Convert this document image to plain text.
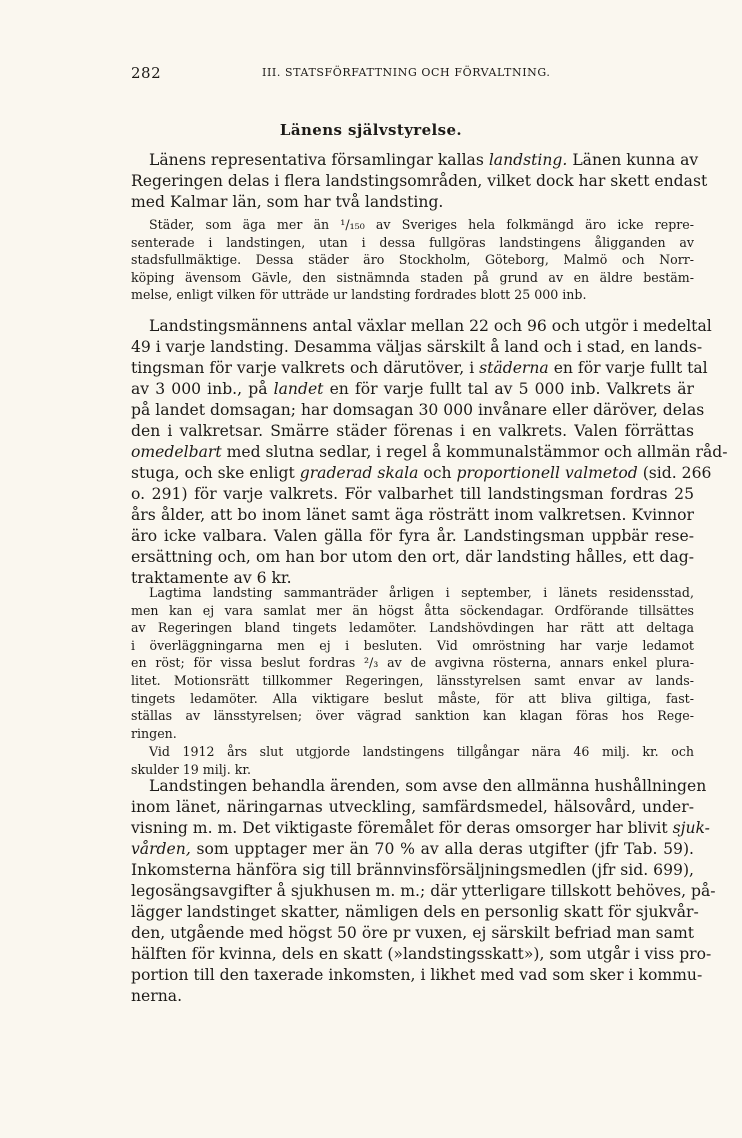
282	III. STATSFÖRFATTNING OCH FÖRVALTNING.
Länens självstyrelse.
Länens representativa församlingar kallas landsting. Länen kunna av
Regeringen delas i flera landstingsområden, vilket dock har skett endast
med Kalmar län, som har två landsting.
Städer, som äga mer än ¹/₁₅₀ av Sveriges hela folkmängd äro icke repre-
senterade i landstingen, utan i dessa fullgöras landstingens åligganden av
stadsfullmäktige. Dessa städer äro Stockholm, Göteborg, Malmö och Norr-
köping ävensom Gävle, den sistnämnda staden på grund av en äldre bestäm-
melse, enligt vilken för utträde ur landsting fordrades blott 25 000 inb.
Landstingsmännens antal växlar mellan 22 och 96 och utgör i medeltal
49 i varje landsting. Desamma väljas särskilt å land och i stad, en lands-
tingsman för varje valkrets och därutöver, i städerna en för varje fullt tal
av 3 000 inb., på landet en för varje fullt tal av 5 000 inb. Valkrets är
på landet domsagan; har domsagan 30 000 invånare eller däröver, delas
den i valkretsar. Smärre städer förenas i en valkrets. Valen förrättas
omedelbart med slutna sedlar, i regel å kommunalstämmor och allmän råd-
stuga, och ske enligt graderad skala och proportionell valmetod (sid. 266
o. 291) för varje valkrets. För valbarhet till landstingsman fordras 25
års ålder, att bo inom länet samt äga rösträtt inom valkretsen. Kvinnor
äro icke valbara. Valen gälla för fyra år. Landstingsman uppbär rese-
ersättning och, om han bor utom den ort, där landsting hålles, ett dag-
traktamente av 6 kr.
Lagtima landsting sammanträder årligen i september, i länets residensstad,
men kan ej vara samlat mer än högst åtta söckendagar. Ordförande tillsättes
av Regeringen bland tingets ledamöter. Landshövdingen har rätt att deltaga
i överläggningarna men ej i besluten. Vid omröstning har varje ledamot
en röst; för vissa beslut fordras ²/₃ av de avgivna rösterna, annars enkel plura-
litet. Motionsrätt tillkommer Regeringen, länsstyrelsen samt envar av lands-
tingets ledamöter. Alla viktigare beslut måste, för att bliva giltiga, fast-
ställas av länsstyrelsen; över vägrad sanktion kan klagan föras hos Rege-
ringen.
Vid 1912 års slut utgjorde landstingens tillgångar nära 46 milj. kr. och
skulder 19 milj. kr.
Landstingen behandla ärenden, som avse den allmänna hushållningen
inom länet, näringarnas utveckling, samfärdsmedel, hälsovård, under-
visning m. m. Det viktigaste föremålet för deras omsorger har blivit sjuk-
vården, som upptager mer än 70 % av alla deras utgifter (jfr Tab. 59).
Inkomsterna hänföra sig till brännvinsförsäljningsmedlen (jfr sid. 699),
legosängsavgifter å sjukhusen m. m.; där ytterligare tillskott behöves, på-
lägger landstinget skatter, nämligen dels en personlig skatt för sjukvår-
den, utgående med högst 50 öre pr vuxen, ej särskilt befriad man samt
hälften för kvinna, dels en skatt (»landstingsskatt»), som utgår i viss pro-
portion till den taxerade inkomsten, i likhet med vad som sker i kommu-
nerna.
